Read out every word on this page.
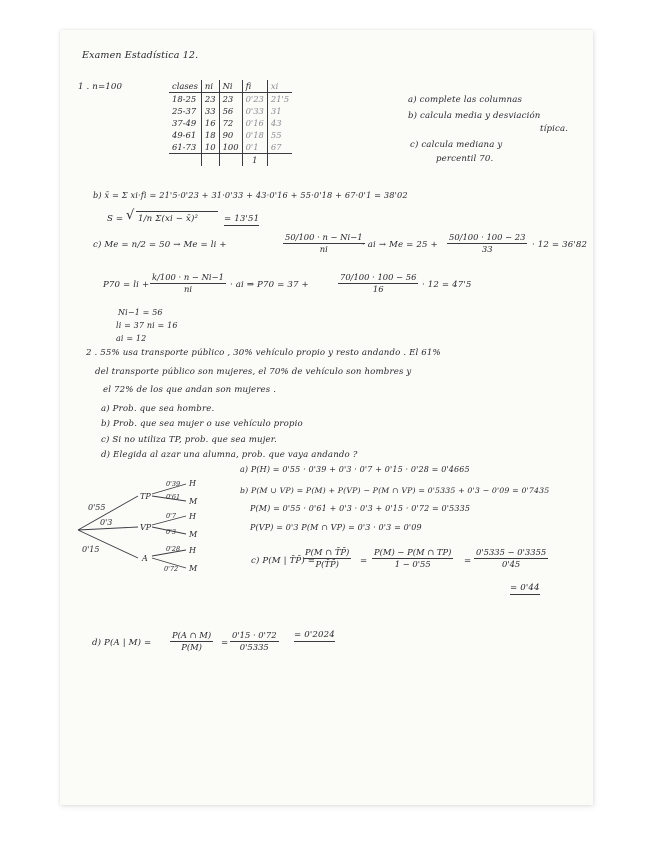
Examen Estadística 12.
1 . n=100	clases	ni	Ni	fi	xi
18-25	23	23	0'23	21'5
25-37	33	56	0'33	31
37-49	16	72	0'16	43
49-61	18	90	0'18	55
61-73	10	100	0'1	67
			1	
a) complete las columnas
b) calcula media y desviación
típica.
c) calcula mediana y
percentil 70.
b) x̄ = Σ xi·fi = 21'5·0'23 + 31·0'33 + 43·0'16 + 55·0'18 + 67·0'1 = 38'02
S = √ 1/n Σ(xi − x̄)²	= 13'51
c) Me = n/2 = 50 → Me = li +	$\frac{50/100 \cdot n - Ni-1}{ni}$
· ai → $Me = 25 + \frac{50/100 \cdot 100 - 23}{33} \cdot 12 = 36'82$
P70 = li + $\frac{k/100 \cdot n - Ni-1}{ni}$ · ai ⇒ P70 = 37 +	$\frac{70/100 \cdot 100 - 56}{16} \cdot 12 = 47'5$
Ni−1 = 56
li = 37 ni = 16
ai = 12
2 . 55% usa transporte público , 30% vehículo propio y resto andando . El 61%
del transporte público son mujeres, el 70% de vehículo son hombres y
el 72% de los que andan son mujeres .
a) Prob. que sea hombre.
b) Prob. que sea mujer o use vehículo propio
c) Si no utiliza TP, prob. que sea mujer.
d) Elegida al azar una alumna, prob. que vaya andando ?
0'55
0'3
0'15
TP
VP
A
0'39
0'61
0'7
0'3
0'28
0'72
H
M
H
M
H
M
a) P(H) = 0'55 · 0'39 + 0'3 · 0'7 + 0'15 · 0'28 = 0'4665
b) P(M ∪ VP) = P(M) + P(VP) − P(M ∩ VP) = 0'5335 + 0'3 − 0'09 = 0'7435
P(M) = 0'55 · 0'61 + 0'3 · 0'3 + 0'15 · 0'72 = 0'5335
P(VP) = 0'3 P(M ∩ VP) = 0'3 · 0'3 = 0'09
c) P(M | T̄P̄) =
$\frac{P(M \cap T̄P̄)}{P(T̄P̄)} = \frac{P(M) - P(M \cap TP)}{1 - 0'55} = \frac{0'5335 - 0'3355}{0'45}$
= 0'44
d) P(A | $M) = \frac{P(A \cap M)}{P(M)} = \frac{0'15 \cdot 0'72}{0'5335} = 0'2024$
